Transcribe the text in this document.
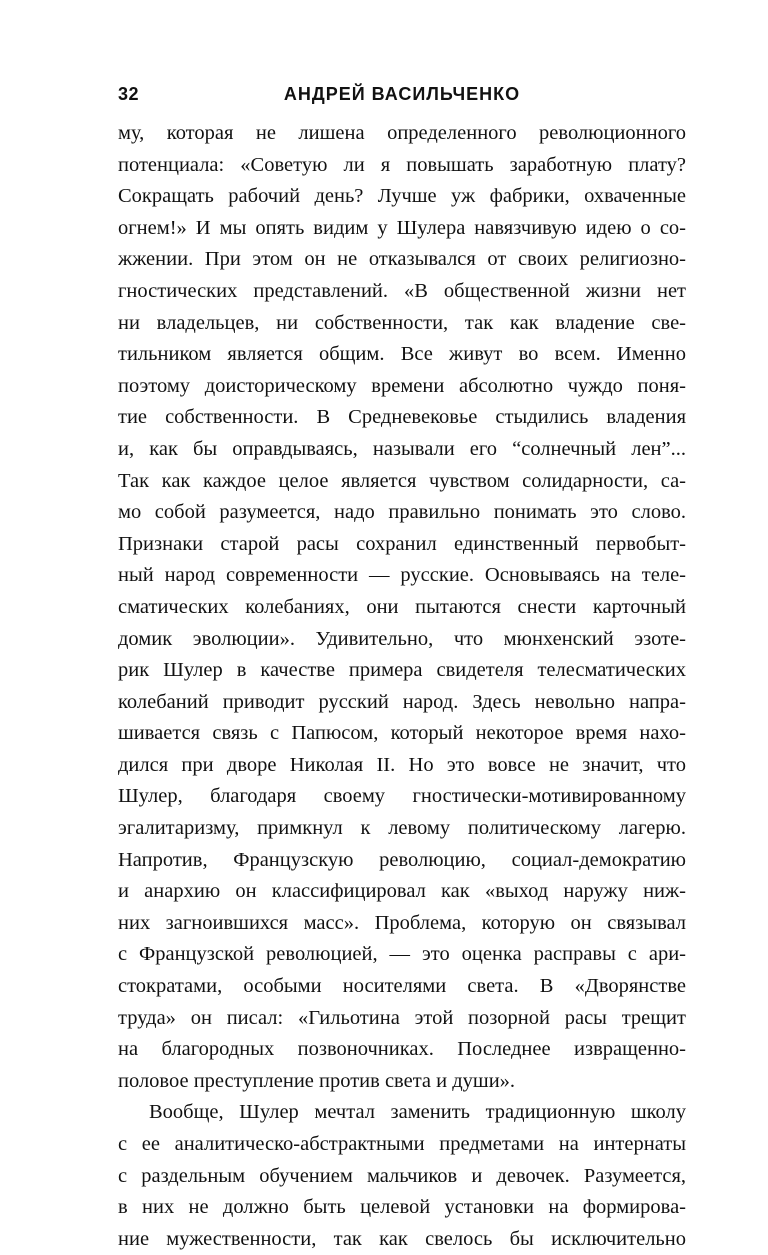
32	АНДРЕЙ ВАСИЛЬЧЕНКО
му, которая не лишена определенного революционного
потенциала: «Советую ли я повышать заработную плату?
Сокращать рабочий день? Лучше уж фабрики, охваченные
огнем!» И мы опять видим у Шулера навязчивую идею о со-
жжении. При этом он не отказывался от своих религиозно-
гностических представлений. «В общественной жизни нет
ни владельцев, ни собственности, так как владение све-
тильником является общим. Все живут во всем. Именно
поэтому доисторическому времени абсолютно чуждо поня-
тие собственности. В Средневековье стыдились владения
и, как бы оправдываясь, называли его “солнечный лен”...
Так как каждое целое является чувством солидарности, са-
мо собой разумеется, надо правильно понимать это слово.
Признаки старой расы сохранил единственный первобыт-
ный народ современности — русские. Основываясь на теле-
сматических колебаниях, они пытаются снести карточный
домик эволюции». Удивительно, что мюнхенский эзоте-
рик Шулер в качестве примера свидетеля телесматических
колебаний приводит русский народ. Здесь невольно напра-
шивается связь с Папюсом, который некоторое время нахо-
дился при дворе Николая II. Но это вовсе не значит, что
Шулер, благодаря своему гностически-мотивированному
эгалитаризму, примкнул к левому политическому лагерю.
Напротив, Французскую революцию, социал-демократию
и анархию он классифицировал как «выход наружу ниж-
них загноившихся масс». Проблема, которую он связывал
с Французской революцией, — это оценка расправы с ари-
стократами, особыми носителями света. В «Дворянстве
труда» он писал: «Гильотина этой позорной расы трещит
на благородных позвоночниках. Последнее извращенно-
половое преступление против света и души».
Вообще, Шулер мечтал заменить традиционную школу
с ее аналитическо-абстрактными предметами на интернаты
с раздельным обучением мальчиков и девочек. Разумеется,
в них не должно быть целевой установки на формирова-
ние мужественности, так как свелось бы исключительно
